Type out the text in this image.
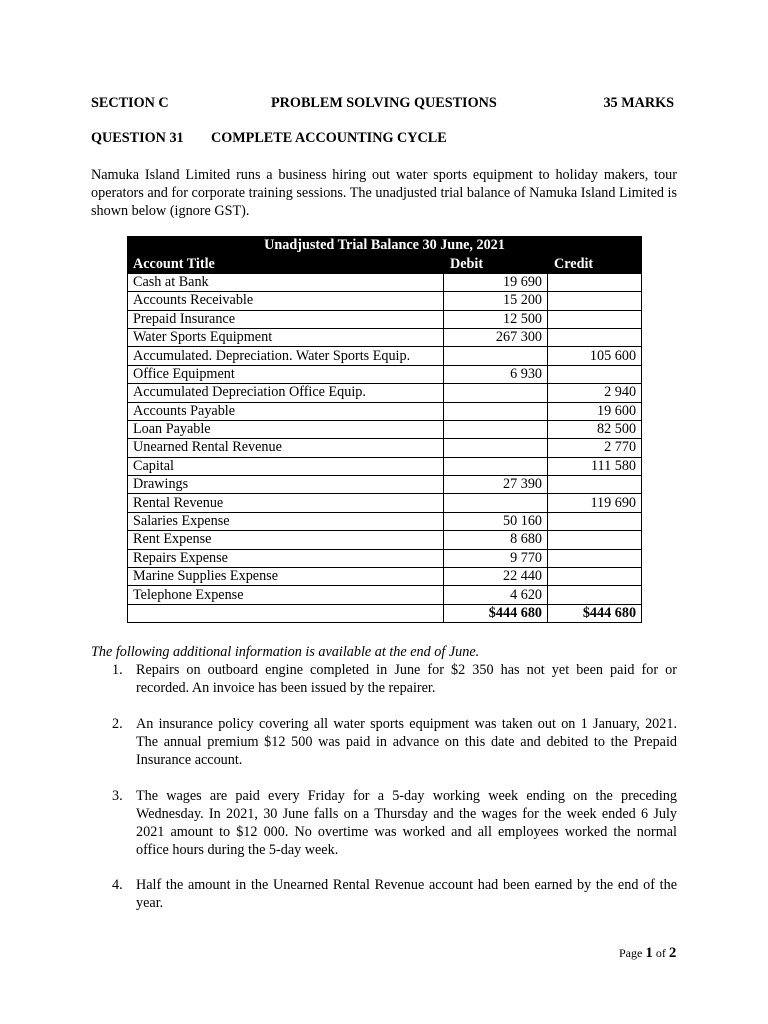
SECTION C	PROBLEM SOLVING QUESTIONS	35 MARKS
QUESTION 31 COMPLETE ACCOUNTING CYCLE

Namuka Island Limited runs a business hiring out water sports equipment to holiday makers, tour operators and for corporate training sessions. The unadjusted trial balance of Namuka Island Limited is shown below (ignore GST).

Unadjusted Trial Balance 30 June, 2021		
Account Title	Debit	Credit
Cash at Bank	19 690	
Accounts Receivable	15 200	
Prepaid Insurance	12 500	
Water Sports Equipment	267 300	
Accumulated. Depreciation. Water Sports Equip.		105 600
Office Equipment	6 930	
Accumulated Depreciation Office Equip.		2 940
Accounts Payable		19 600
Loan Payable		82 500
Unearned Rental Revenue		2 770
Capital		111 580
Drawings	27 390	
Rental Revenue		119 690
Salaries Expense	50 160	
Rent Expense	8 680	
Repairs Expense	9 770	
Marine Supplies Expense	22 440	
Telephone Expense	4 620	
	$444 680	$444 680

The following additional information is available at the end of June.

1. Repairs on outboard engine completed in June for $2 350 has not yet been paid for or recorded. An invoice has been issued by the repairer.

2. An insurance policy covering all water sports equipment was taken out on 1 January, 2021. The annual premium $12 500 was paid in advance on this date and debited to the Prepaid Insurance account.

3. The wages are paid every Friday for a 5-day working week ending on the preceding Wednesday. In 2021, 30 June falls on a Thursday and the wages for the week ended 6 July 2021 amount to $12 000. No overtime was worked and all employees worked the normal office hours during the 5-day week.

4. Half the amount in the Unearned Rental Revenue account had been earned by the end of the year.

Page 1 of 2
